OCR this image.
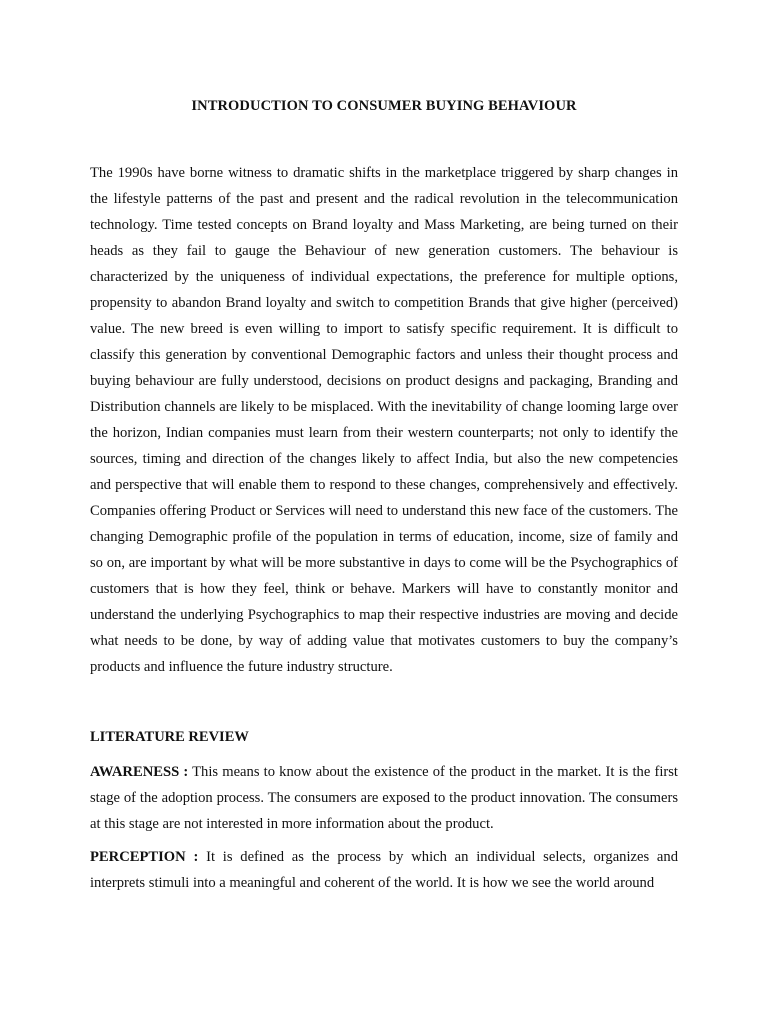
INTRODUCTION TO CONSUMER BUYING BEHAVIOUR

The 1990s have borne witness to dramatic shifts in the marketplace triggered by sharp changes in the lifestyle patterns of the past and present and the radical revolution in the telecommunication technology. Time tested concepts on Brand loyalty and Mass Marketing, are being turned on their heads as they fail to gauge the Behaviour of new generation customers. The behaviour is characterized by the uniqueness of individual expectations, the preference for multiple options, propensity to abandon Brand loyalty and switch to competition Brands that give higher (perceived) value. The new breed is even willing to import to satisfy specific requirement. It is difficult to classify this generation by conventional Demographic factors and unless their thought process and buying behaviour are fully understood, decisions on product designs and packaging, Branding and Distribution channels are likely to be misplaced. With the inevitability of change looming large over the horizon, Indian companies must learn from their western counterparts; not only to identify the sources, timing and direction of the changes likely to affect India, but also the new competencies and perspective that will enable them to respond to these changes, comprehensively and effectively. Companies offering Product or Services will need to understand this new face of the customers. The changing Demographic profile of the population in terms of education, income, size of family and so on, are important by what will be more substantive in days to come will be the Psychographics of customers that is how they feel, think or behave. Markers will have to constantly monitor and understand the underlying Psychographics to map their respective industries are moving and decide what needs to be done, by way of adding value that motivates customers to buy the company’s products and influence the future industry structure.

LITERATURE REVIEW

AWARENESS : This means to know about the existence of the product in the market. It is the first stage of the adoption process. The consumers are exposed to the product innovation. The consumers at this stage are not interested in more information about the product.

PERCEPTION : It is defined as the process by which an individual selects, organizes and interprets stimuli into a meaningful and coherent of the world. It is how we see the world around
